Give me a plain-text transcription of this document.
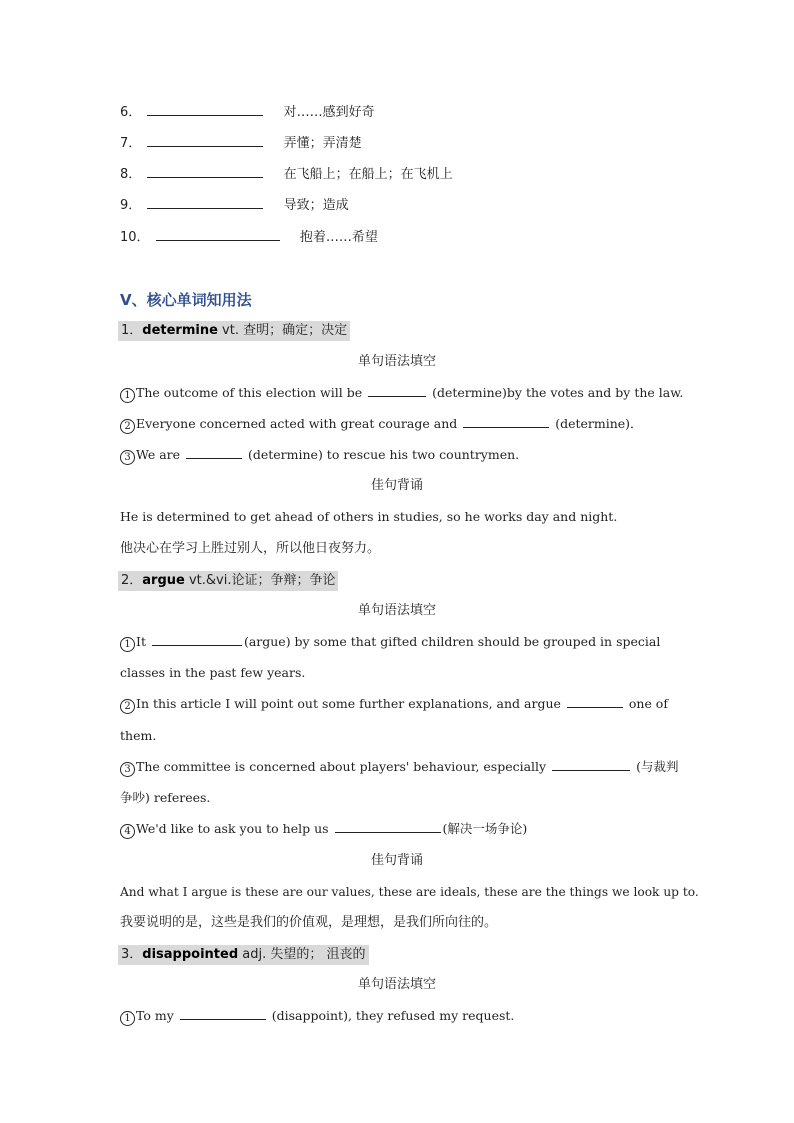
6．	对……感到好奇
7．	弄懂；弄清楚
8．	在飞船上；在船上；在飞机上
9．	导致；造成
10．	抱着……希望
V、核心单词知用法
1．determine vt. 查明；确定；决定
单句语法填空
1 The outcome of this election will be	(determine)by the votes and by the law.
2 Everyone concerned acted with great courage and	(determine)．
3 We are	(determine) to rescue his two countrymen.
佳句背诵
He is determined to get ahead of others in studies, so he works day and night.
他决心在学习上胜过别人，所以他日夜努力。
2．argue vt.&vi.论证；争辩；争论
单句语法填空
1 It	(argue) by some that gifted children should be grouped in special
classes in the past few years.
2 In this article I will point out some further explanations, and argue	one of
them.
3 The committee is concerned about players' behaviour, especially	(与裁判
争吵) referees.
4 We'd like to ask you to help us	(解决一场争论)
佳句背诵
And what I argue is these are our values, these are ideals, these are the things we look up to.
我要说明的是，这些是我们的价值观，是理想，是我们所向往的。
3．disappointed adj. 失望的； 沮丧的
单句语法填空
1 To my	(disappoint), they refused my request.
